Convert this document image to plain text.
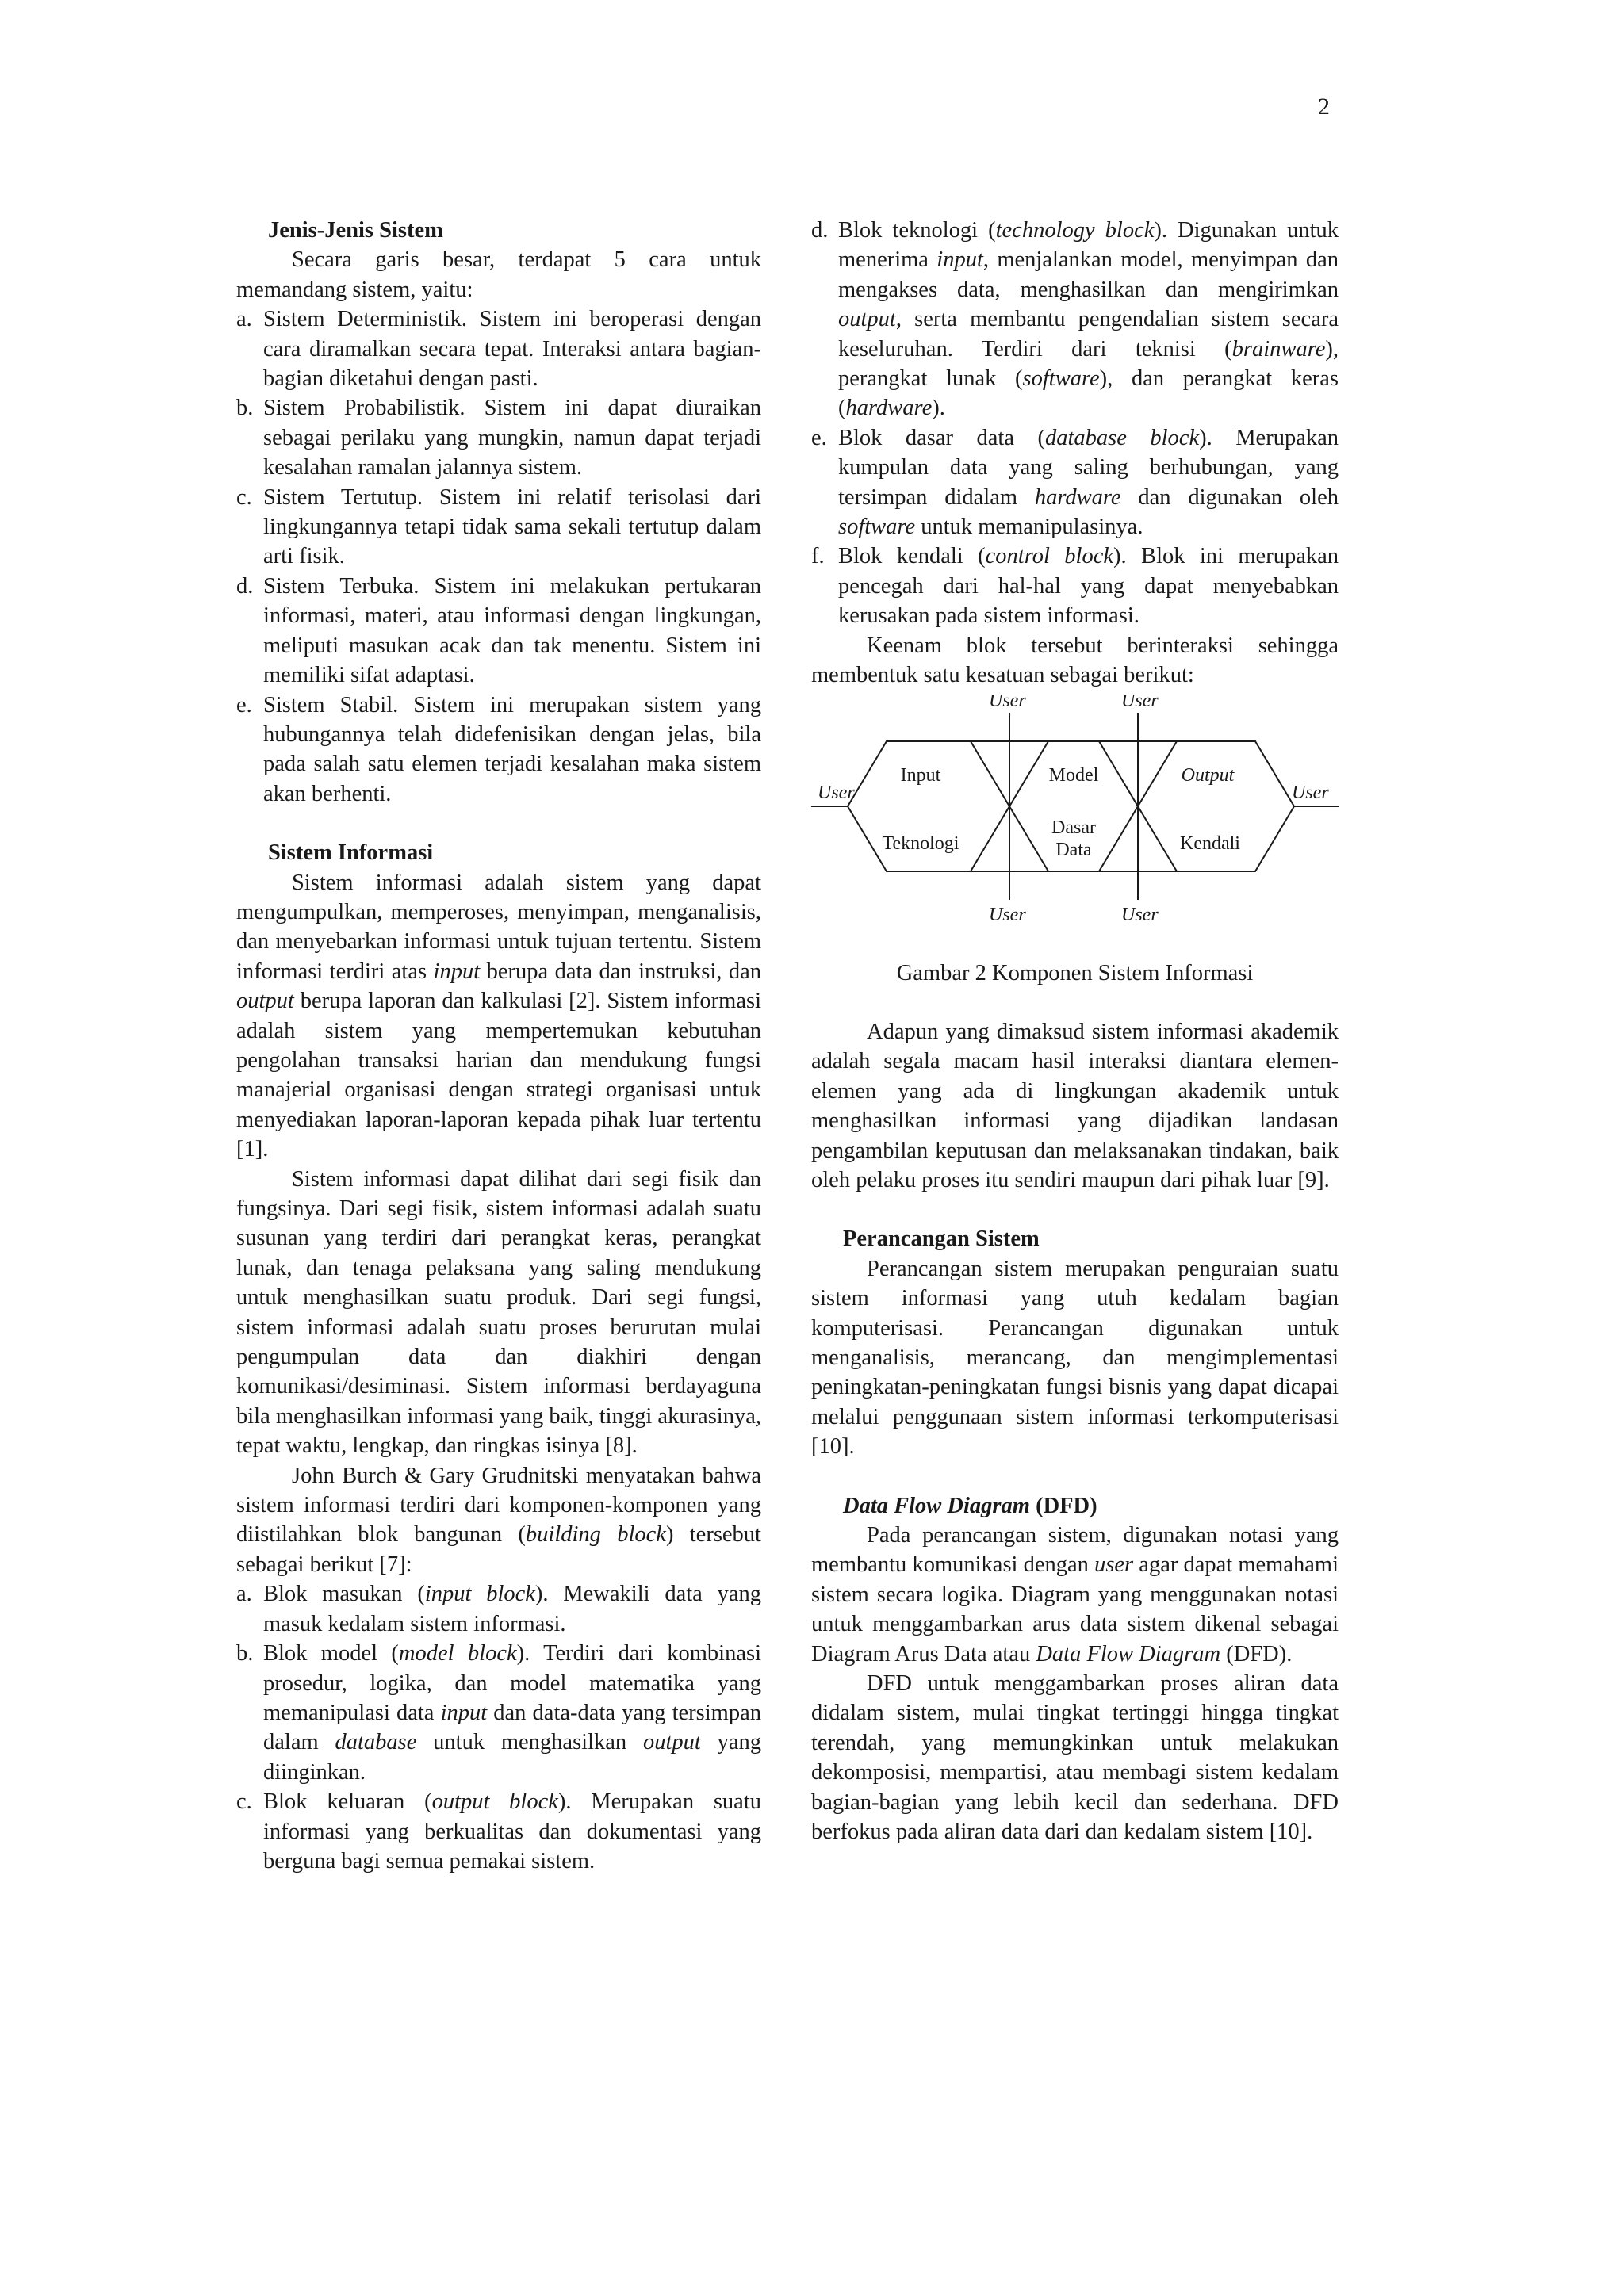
2

Jenis-Jenis Sistem

Secara garis besar, terdapat 5 cara untuk memandang sistem, yaitu:

a. Sistem Deterministik. Sistem ini beroperasi dengan cara diramalkan secara tepat. Interaksi antara bagian-bagian diketahui dengan pasti.
b. Sistem Probabilistik. Sistem ini dapat diuraikan sebagai perilaku yang mungkin, namun dapat terjadi kesalahan ramalan jalannya sistem.
c. Sistem Tertutup. Sistem ini relatif terisolasi dari lingkungannya tetapi tidak sama sekali tertutup dalam arti fisik.
d. Sistem Terbuka. Sistem ini melakukan pertukaran informasi, materi, atau informasi dengan lingkungan, meliputi masukan acak dan tak menentu. Sistem ini memiliki sifat adaptasi.
e. Sistem Stabil. Sistem ini merupakan sistem yang hubungannya telah didefenisikan dengan jelas, bila pada salah satu elemen terjadi kesalahan maka sistem akan berhenti.

Sistem Informasi

Sistem informasi adalah sistem yang dapat mengumpulkan, memperoses, menyimpan, menganalisis, dan menyebarkan informasi untuk tujuan tertentu. Sistem informasi terdiri atas input berupa data dan instruksi, dan output berupa laporan dan kalkulasi [2]. Sistem informasi adalah sistem yang mempertemukan kebutuhan pengolahan transaksi harian dan mendukung fungsi manajerial organisasi dengan strategi organisasi untuk menyediakan laporan-laporan kepada pihak luar tertentu [1].

Sistem informasi dapat dilihat dari segi fisik dan fungsinya. Dari segi fisik, sistem informasi adalah suatu susunan yang terdiri dari perangkat keras, perangkat lunak, dan tenaga pelaksana yang saling mendukung untuk menghasilkan suatu produk. Dari segi fungsi, sistem informasi adalah suatu proses berurutan mulai pengumpulan data dan diakhiri dengan komunikasi/desiminasi. Sistem informasi berdayaguna bila menghasilkan informasi yang baik, tinggi akurasinya, tepat waktu, lengkap, dan ringkas isinya [8].

John Burch & Gary Grudnitski menyatakan bahwa sistem informasi terdiri dari komponen-komponen yang diistilahkan blok bangunan (building block) tersebut sebagai berikut [7]:

a. Blok masukan (input block). Mewakili data yang masuk kedalam sistem informasi.
b. Blok model (model block). Terdiri dari kombinasi prosedur, logika, dan model matematika yang memanipulasi data input dan data-data yang tersimpan dalam database untuk menghasilkan output yang diinginkan.
c. Blok keluaran (output block). Merupakan suatu informasi yang berkualitas dan dokumentasi yang berguna bagi semua pemakai sistem.
d. Blok teknologi (technology block). Digunakan untuk menerima input, menjalankan model, menyimpan dan mengakses data, menghasilkan dan mengirimkan output, serta membantu pengendalian sistem secara keseluruhan. Terdiri dari teknisi (brainware), perangkat lunak (software), dan perangkat keras (hardware).
e. Blok dasar data (database block). Merupakan kumpulan data yang saling berhubungan, yang tersimpan didalam hardware dan digunakan oleh software untuk memanipulasinya.
f. Blok kendali (control block). Blok ini merupakan pencegah dari hal-hal yang dapat menyebabkan kerusakan pada sistem informasi.

Keenam blok tersebut berinteraksi sehingga membentuk satu kesatuan sebagai berikut:

User	User
User	User
User	User
Input	Model	Output
Teknologi
Dasar
Data	Kendali

Gambar 2 Komponen Sistem Informasi

Adapun yang dimaksud sistem informasi akademik adalah segala macam hasil interaksi diantara elemen-elemen yang ada di lingkungan akademik untuk menghasilkan informasi yang dijadikan landasan pengambilan keputusan dan melaksanakan tindakan, baik oleh pelaku proses itu sendiri maupun dari pihak luar [9].

Perancangan Sistem

Perancangan sistem merupakan penguraian suatu sistem informasi yang utuh kedalam bagian komputerisasi. Perancangan digunakan untuk menganalisis, merancang, dan mengimplementasi peningkatan-peningkatan fungsi bisnis yang dapat dicapai melalui penggunaan sistem informasi terkomputerisasi [10].

Data Flow Diagram (DFD)

Pada perancangan sistem, digunakan notasi yang membantu komunikasi dengan user agar dapat memahami sistem secara logika. Diagram yang menggunakan notasi untuk menggambarkan arus data sistem dikenal sebagai Diagram Arus Data atau Data Flow Diagram (DFD).

DFD untuk menggambarkan proses aliran data didalam sistem, mulai tingkat tertinggi hingga tingkat terendah, yang memungkinkan untuk melakukan dekomposisi, mempartisi, atau membagi sistem kedalam bagian-bagian yang lebih kecil dan sederhana. DFD berfokus pada aliran data dari dan kedalam sistem [10].
